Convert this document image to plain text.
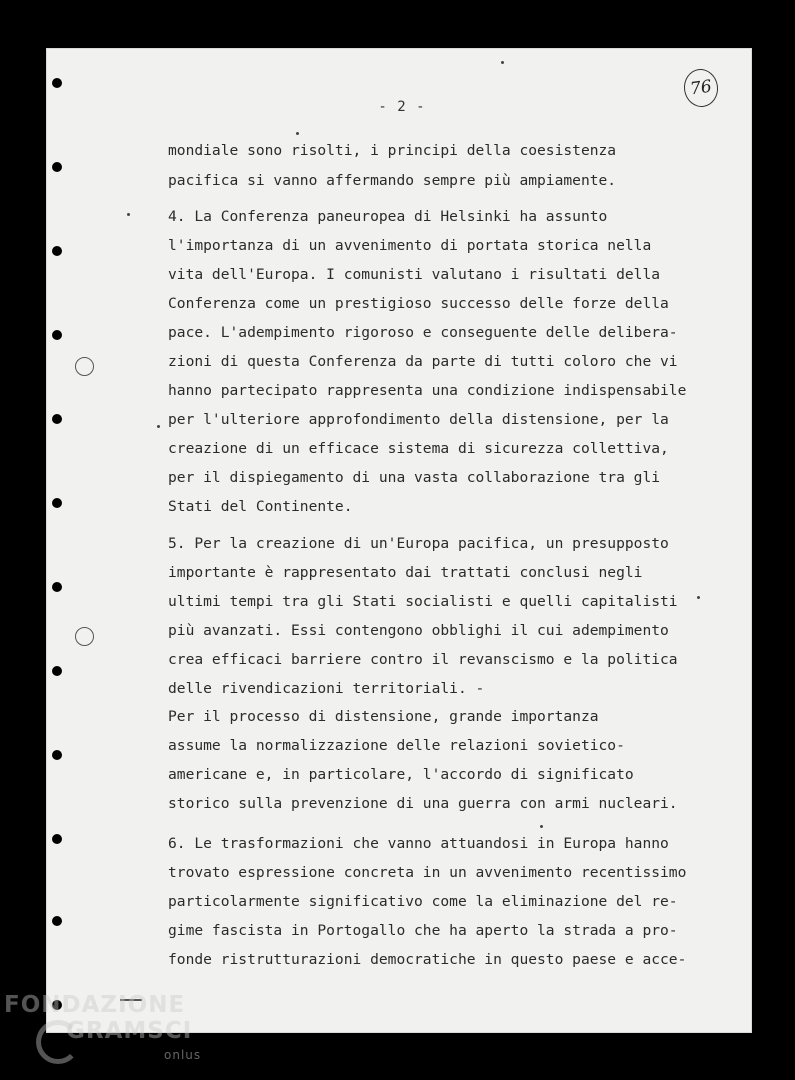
- 2 -
76
mondiale sono risolti, i principi della coesistenza
pacifica si vanno affermando sempre più ampiamente.
4. La Conferenza paneuropea di Helsinki ha assunto
l'importanza di un avvenimento di portata storica nella
vita dell'Europa. I comunisti valutano i risultati della
Conferenza come un prestigioso successo delle forze della
pace. L'adempimento rigoroso e conseguente delle delibera-
zioni di questa Conferenza da parte di tutti coloro che vi
hanno partecipato rappresenta una condizione indispensabile
per l'ulteriore approfondimento della distensione, per la
creazione di un efficace sistema di sicurezza collettiva,
per il dispiegamento di una vasta collaborazione tra gli
Stati del Continente.
5. Per la creazione di un'Europa pacifica, un presupposto
importante è rappresentato dai trattati conclusi negli
ultimi tempi tra gli Stati socialisti e quelli capitalisti
più avanzati. Essi contengono obblighi il cui adempimento
crea efficaci barriere contro il revanscismo e la politica
delle rivendicazioni territoriali. -
Per il processo di distensione, grande importanza
assume la normalizzazione delle relazioni sovietico-
americane e, in particolare, l'accordo di significato
storico sulla prevenzione di una guerra con armi nucleari.
6. Le trasformazioni che vanno attuandosi in Europa hanno
trovato espressione concreta in un avvenimento recentissimo
particolarmente significativo come la eliminazione del re-
gime fascista in Portogallo che ha aperto la strada a pro-
fonde ristrutturazioni democratiche in questo paese e acce-
FONDAZIONE
GRAMSCI
onlus
